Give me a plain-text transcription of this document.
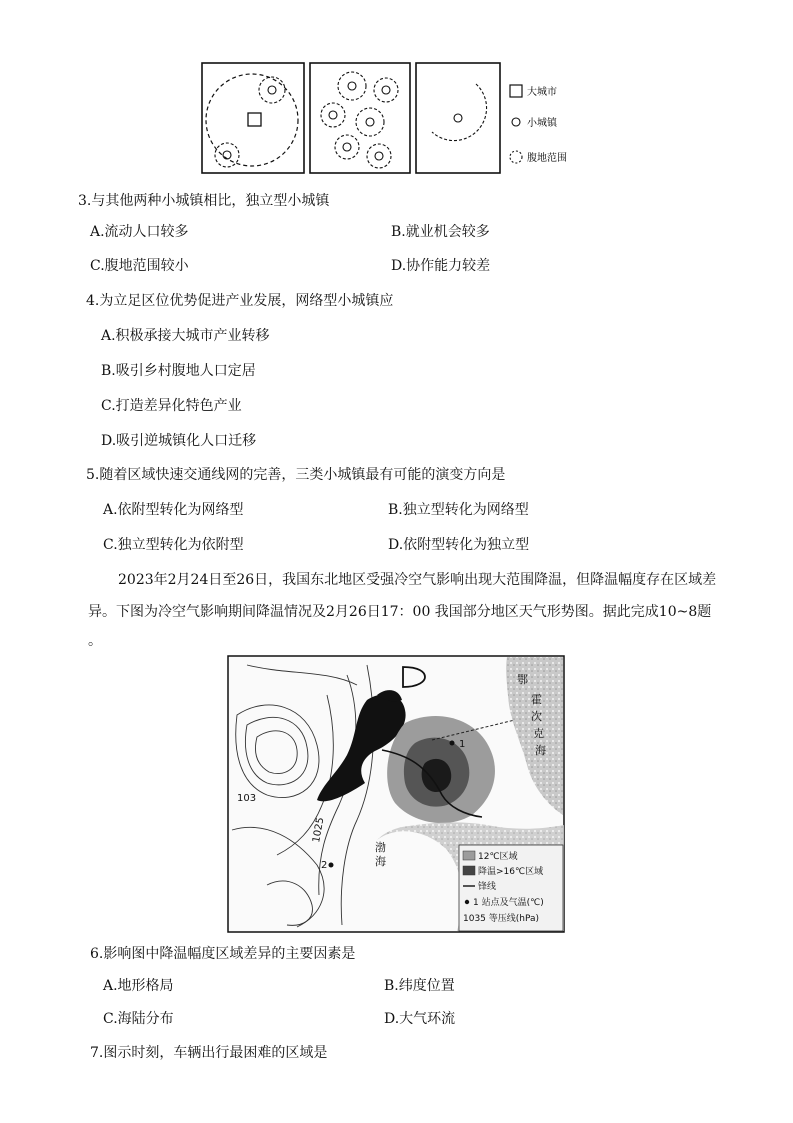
大城市
小城镇
腹地范围
3.与其他两种小城镇相比，独立型小城镇
A.流动人口较多	B.就业机会较多
C.腹地范围较小	D.协作能力较差
4.为立足区位优势促进产业发展，网络型小城镇应
A.积极承接大城市产业转移
B.吸引乡村腹地人口定居
C.打造差异化特色产业
D.吸引逆城镇化人口迁移
5.随着区域快速交通线网的完善，三类小城镇最有可能的演变方向是
A.依附型转化为网络型	B.独立型转化为网络型
C.独立型转化为依附型	D.依附型转化为独立型
2023年2月24日至26日，我国东北地区受强冷空气影响出现大范围降温，但降温幅度存在区域差
异。下图为冷空气影响期间降温情况及2月26日17：00 我国部分地区天气形势图。据此完成10~8题
。
鄂
霍
次
克
海
103
1025
2
1
渤
海	12℃区域
降温>16℃区域
锋线
1 站点及气温(℃)
1035 等压线(hPa)
6.影响图中降温幅度区域差异的主要因素是
A.地形格局	B.纬度位置
C.海陆分布	D.大气环流
7.图示时刻，车辆出行最困难的区域是
